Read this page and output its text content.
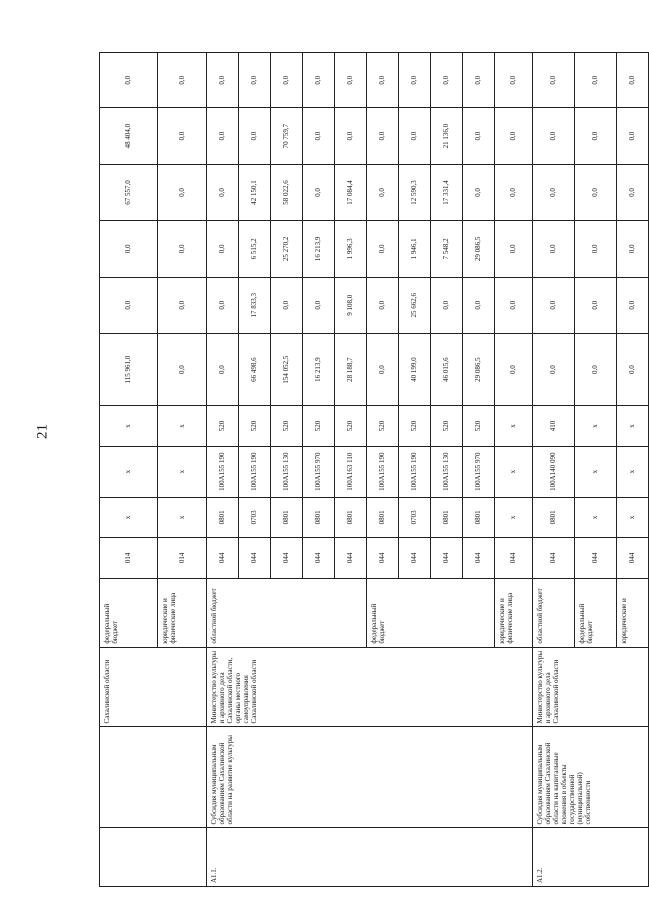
21
		Сахалинской области	федеральный бюджет	014	x	x	x	115 961,0	0,0	0,0	67 557,0	48 404,0	0,0
			юридические и физические лица	014	x	x	x	0,0	0,0	0,0	0,0	0,0	0,0
А1.1.	Субсидия муниципальным образованиям Сахалинской области на развитие культуры	Министерство культуры и архивного дела Сахалинской области, органы местного самоуправления Сахалинской области	областной бюджет	044	0801	100А155 190	520	0,0	0,0	0,0	0,0	0,0	0,0
				044	0703	100А155 190	520	66 498,6	17 833,3	6 515,2	42 150,1	0,0	0,0
				044	0801	100А155 130	520	154 052,5	0,0	25 270,2	58 022,6	70 759,7	0,0
				044	0801	100А155 970	520	16 213,9	0,0	16 213,9	0,0	0,0	0,0
				044	0801	100А163 110	520	28 188,7	9 108,0	1 996,3	17 084,4	0,0	0,0
			федеральный бюджет	044	0801	100А155 190	520	0,0	0,0	0,0	0,0	0,0	0,0
				044	0703	100А155 190	520	40 199,0	25 662,6	1 946,1	12 590,3	0,0	0,0
				044	0801	100А155 130	520	46 015,6	0,0	7 548,2	17 331,4	21 136,0	0,0
				044	0801	100А155 970	520	29 086,5	0,0	29 086,5	0,0	0,0	0,0
			юридические и физические лица	044	x	x	x	0,0	0,0	0,0	0,0	0,0	0,0
А1.2.	Субсидия муниципальным образованиям Сахалинской области на капитальные вложения в объекты государственной (муниципальной) собственности	Министерство культуры и архивного дела Сахалинской области	областной бюджет	044	0801	100А140 090	410	0,0	0,0	0,0	0,0	0,0	0,0
			федеральный бюджет	044	x	x	x	0,0	0,0	0,0	0,0	0,0	0,0
			юридические и	044	x	x	x	0,0	0,0	0,0	0,0	0,0	0,0
